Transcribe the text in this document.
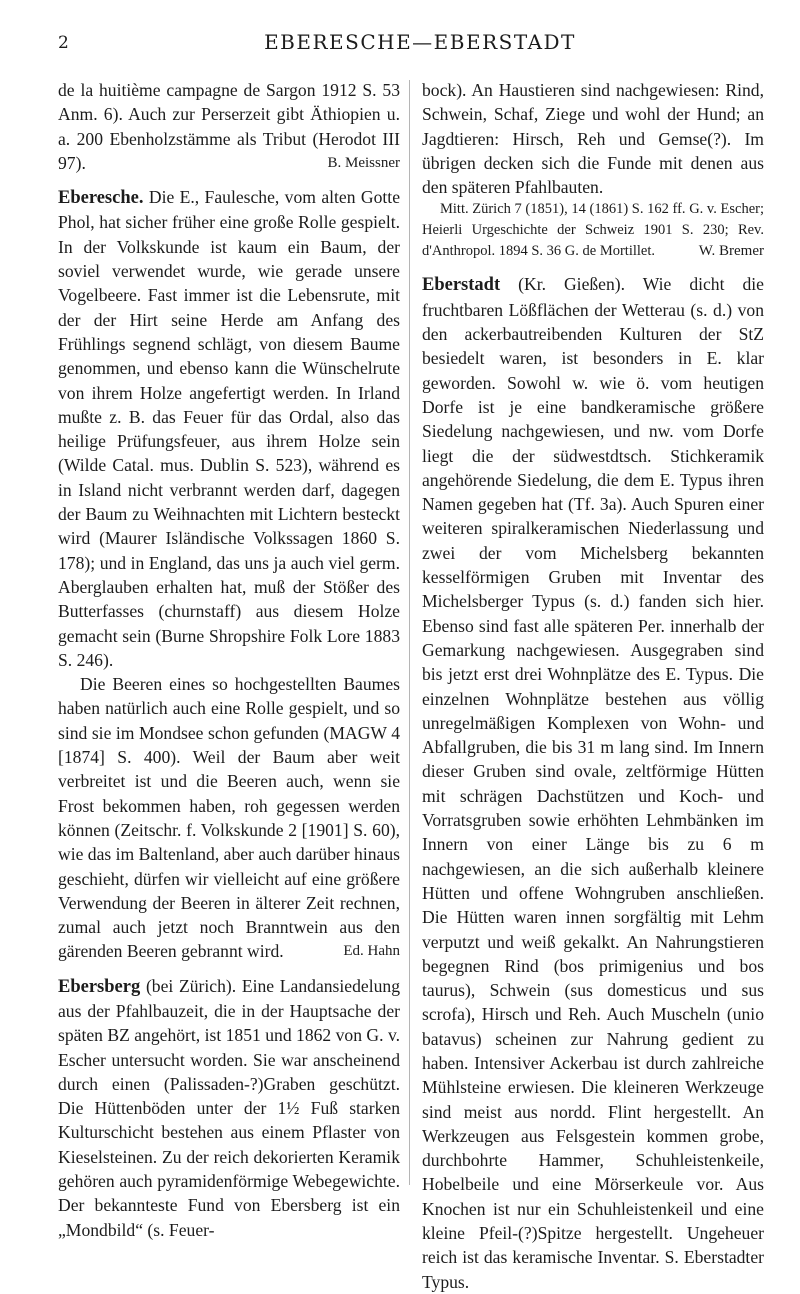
2	EBERESCHE—EBERSTADT

de la huitième campagne de Sargon 1912 S. 53 Anm. 6). Auch zur Perserzeit gibt Äthiopien u. a. 200 Ebenholzstämme als Tribut (Herodot III 97).	B. Meissner

Eberesche. Die E., Faulesche, vom alten Gotte Phol, hat sicher früher eine große Rolle gespielt. In der Volkskunde ist kaum ein Baum, der soviel verwendet wurde, wie gerade unsere Vogelbeere. Fast immer ist die Lebensrute, mit der der Hirt seine Herde am Anfang des Frühlings segnend schlägt, von diesem Baume genommen, und ebenso kann die Wünschelrute von ihrem Holze angefertigt werden. In Irland mußte z. B. das Feuer für das Ordal, also das heilige Prüfungsfeuer, aus ihrem Holze sein (Wilde Catal. mus. Dublin S. 523), während es in Island nicht verbrannt werden darf, dagegen der Baum zu Weihnachten mit Lichtern besteckt wird (Maurer Isländische Volkssagen 1860 S. 178); und in England, das uns ja auch viel germ. Aberglauben erhalten hat, muß der Stößer des Butterfasses (churnstaff) aus diesem Holze gemacht sein (Burne Shropshire Folk Lore 1883 S. 246).

Die Beeren eines so hochgestellten Baumes haben natürlich auch eine Rolle gespielt, und so sind sie im Mondsee schon gefunden (MAGW 4 [1874] S. 400). Weil der Baum aber weit verbreitet ist und die Beeren auch, wenn sie Frost bekommen haben, roh gegessen werden können (Zeitschr. f. Volkskunde 2 [1901] S. 60), wie das im Baltenland, aber auch darüber hinaus geschieht, dürfen wir vielleicht auf eine größere Verwendung der Beeren in älterer Zeit rechnen, zumal auch jetzt noch Branntwein aus den gärenden Beeren gebrannt wird.	Ed. Hahn

Ebersberg (bei Zürich). Eine Landansiedelung aus der Pfahlbauzeit, die in der Hauptsache der späten BZ angehört, ist 1851 und 1862 von G. v. Escher untersucht worden. Sie war anscheinend durch einen (Palissaden-?)Graben geschützt. Die Hüttenböden unter der 1½ Fuß starken Kulturschicht bestehen aus einem Pflaster von Kieselsteinen. Zu der reich dekorierten Keramik gehören auch pyramidenförmige Webegewichte. Der bekannteste Fund von Ebersberg ist ein „Mondbild“ (s. Feuer-

bock). An Haustieren sind nachgewiesen: Rind, Schwein, Schaf, Ziege und wohl der Hund; an Jagdtieren: Hirsch, Reh und Gemse(?). Im übrigen decken sich die Funde mit denen aus den späteren Pfahlbauten.

Mitt. Zürich 7 (1851), 14 (1861) S. 162 ff. G. v. Escher; Heierli Urgeschichte der Schweiz 1901 S. 230; Rev. d'Anthropol. 1894 S. 36 G. de Mortillet.	W. Bremer

Eberstadt (Kr. Gießen). Wie dicht die fruchtbaren Lößflächen der Wetterau (s. d.) von den ackerbautreibenden Kulturen der StZ besiedelt waren, ist besonders in E. klar geworden. Sowohl w. wie ö. vom heutigen Dorfe ist je eine bandkeramische größere Siedelung nachgewiesen, und nw. vom Dorfe liegt die der südwestdtsch. Stichkeramik angehörende Siedelung, die dem E. Typus ihren Namen gegeben hat (Tf. 3a). Auch Spuren einer weiteren spiralkeramischen Niederlassung und zwei der vom Michelsberg bekannten kesselförmigen Gruben mit Inventar des Michelsberger Typus (s. d.) fanden sich hier. Ebenso sind fast alle späteren Per. innerhalb der Gemarkung nachgewiesen. Ausgegraben sind bis jetzt erst drei Wohnplätze des E. Typus. Die einzelnen Wohnplätze bestehen aus völlig unregelmäßigen Komplexen von Wohn- und Abfallgruben, die bis 31 m lang sind. Im Innern dieser Gruben sind ovale, zeltförmige Hütten mit schrägen Dachstützen und Koch- und Vorratsgruben sowie erhöhten Lehmbänken im Innern von einer Länge bis zu 6 m nachgewiesen, an die sich außerhalb kleinere Hütten und offene Wohngruben anschließen. Die Hütten waren innen sorgfältig mit Lehm verputzt und weiß gekalkt. An Nahrungstieren begegnen Rind (bos primigenius und bos taurus), Schwein (sus domesticus und sus scrofa), Hirsch und Reh. Auch Muscheln (unio batavus) scheinen zur Nahrung gedient zu haben. Intensiver Ackerbau ist durch zahlreiche Mühlsteine erwiesen. Die kleineren Werkzeuge sind meist aus nordd. Flint hergestellt. An Werkzeugen aus Felsgestein kommen grobe, durchbohrte Hammer, Schuhleistenkeile, Hobelbeile und eine Mörserkeule vor. Aus Knochen ist nur ein Schuhleistenkeil und eine kleine Pfeil-(?)Spitze hergestellt. Ungeheuer reich ist das keramische Inventar. S. Eberstadter Typus.
